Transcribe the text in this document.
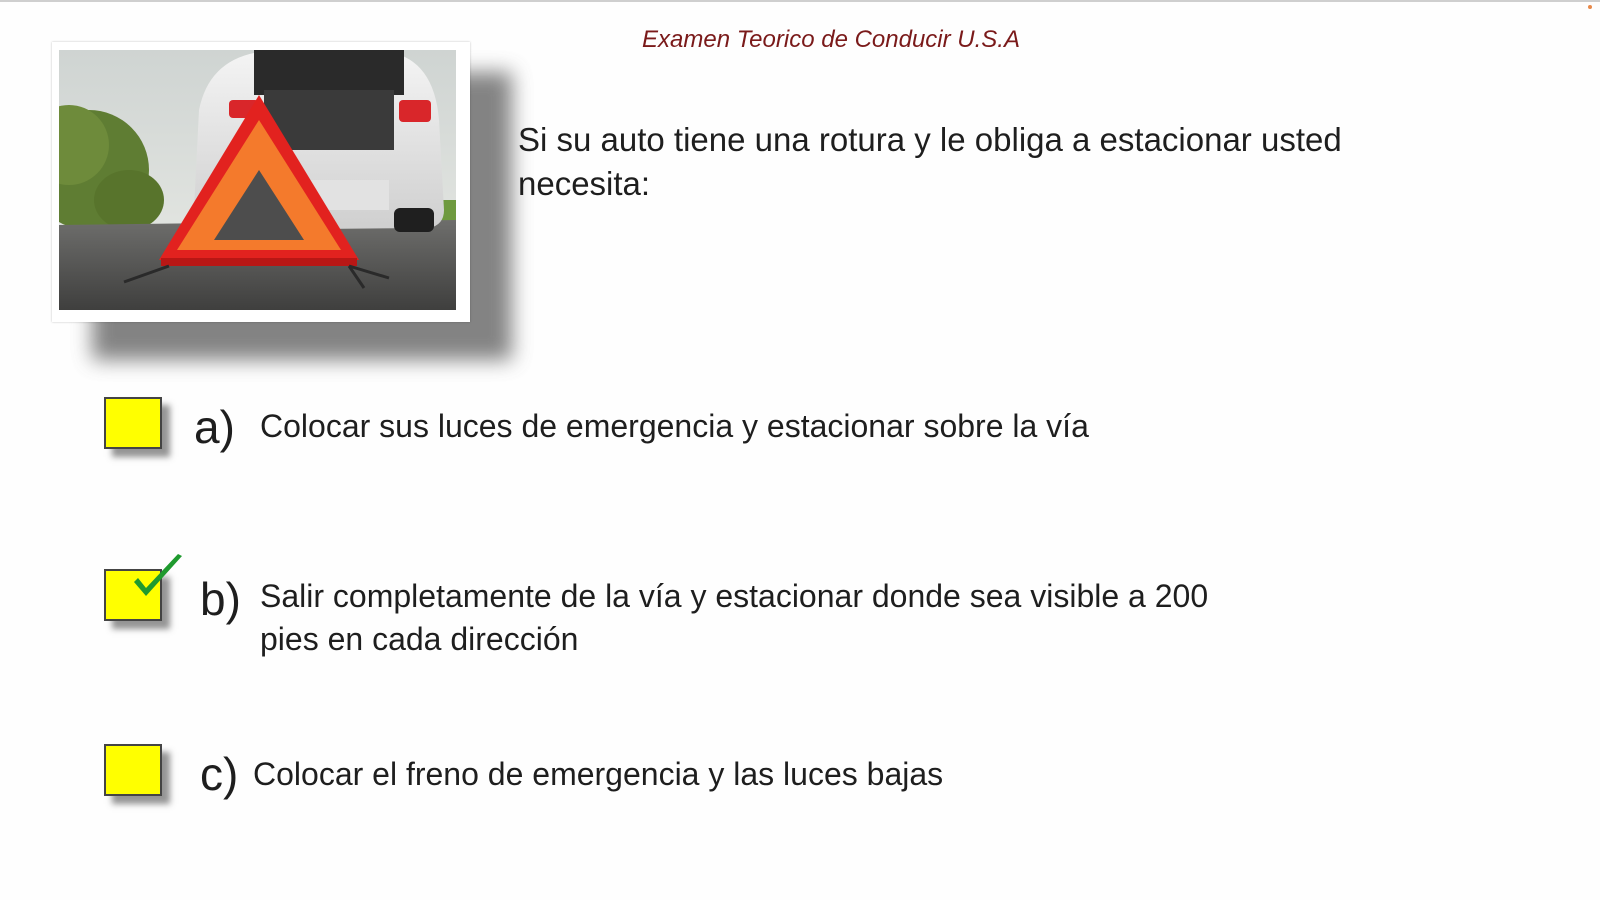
Examen Teorico de Conducir U.S.A
Si su auto tiene una rotura y le obliga a estacionar usted necesita:
a) Colocar sus luces de emergencia y estacionar sobre la vía
b) Salir completamente de la vía y estacionar donde sea visible a 200 pies en cada dirección
c) Colocar el freno de emergencia y las luces bajas
